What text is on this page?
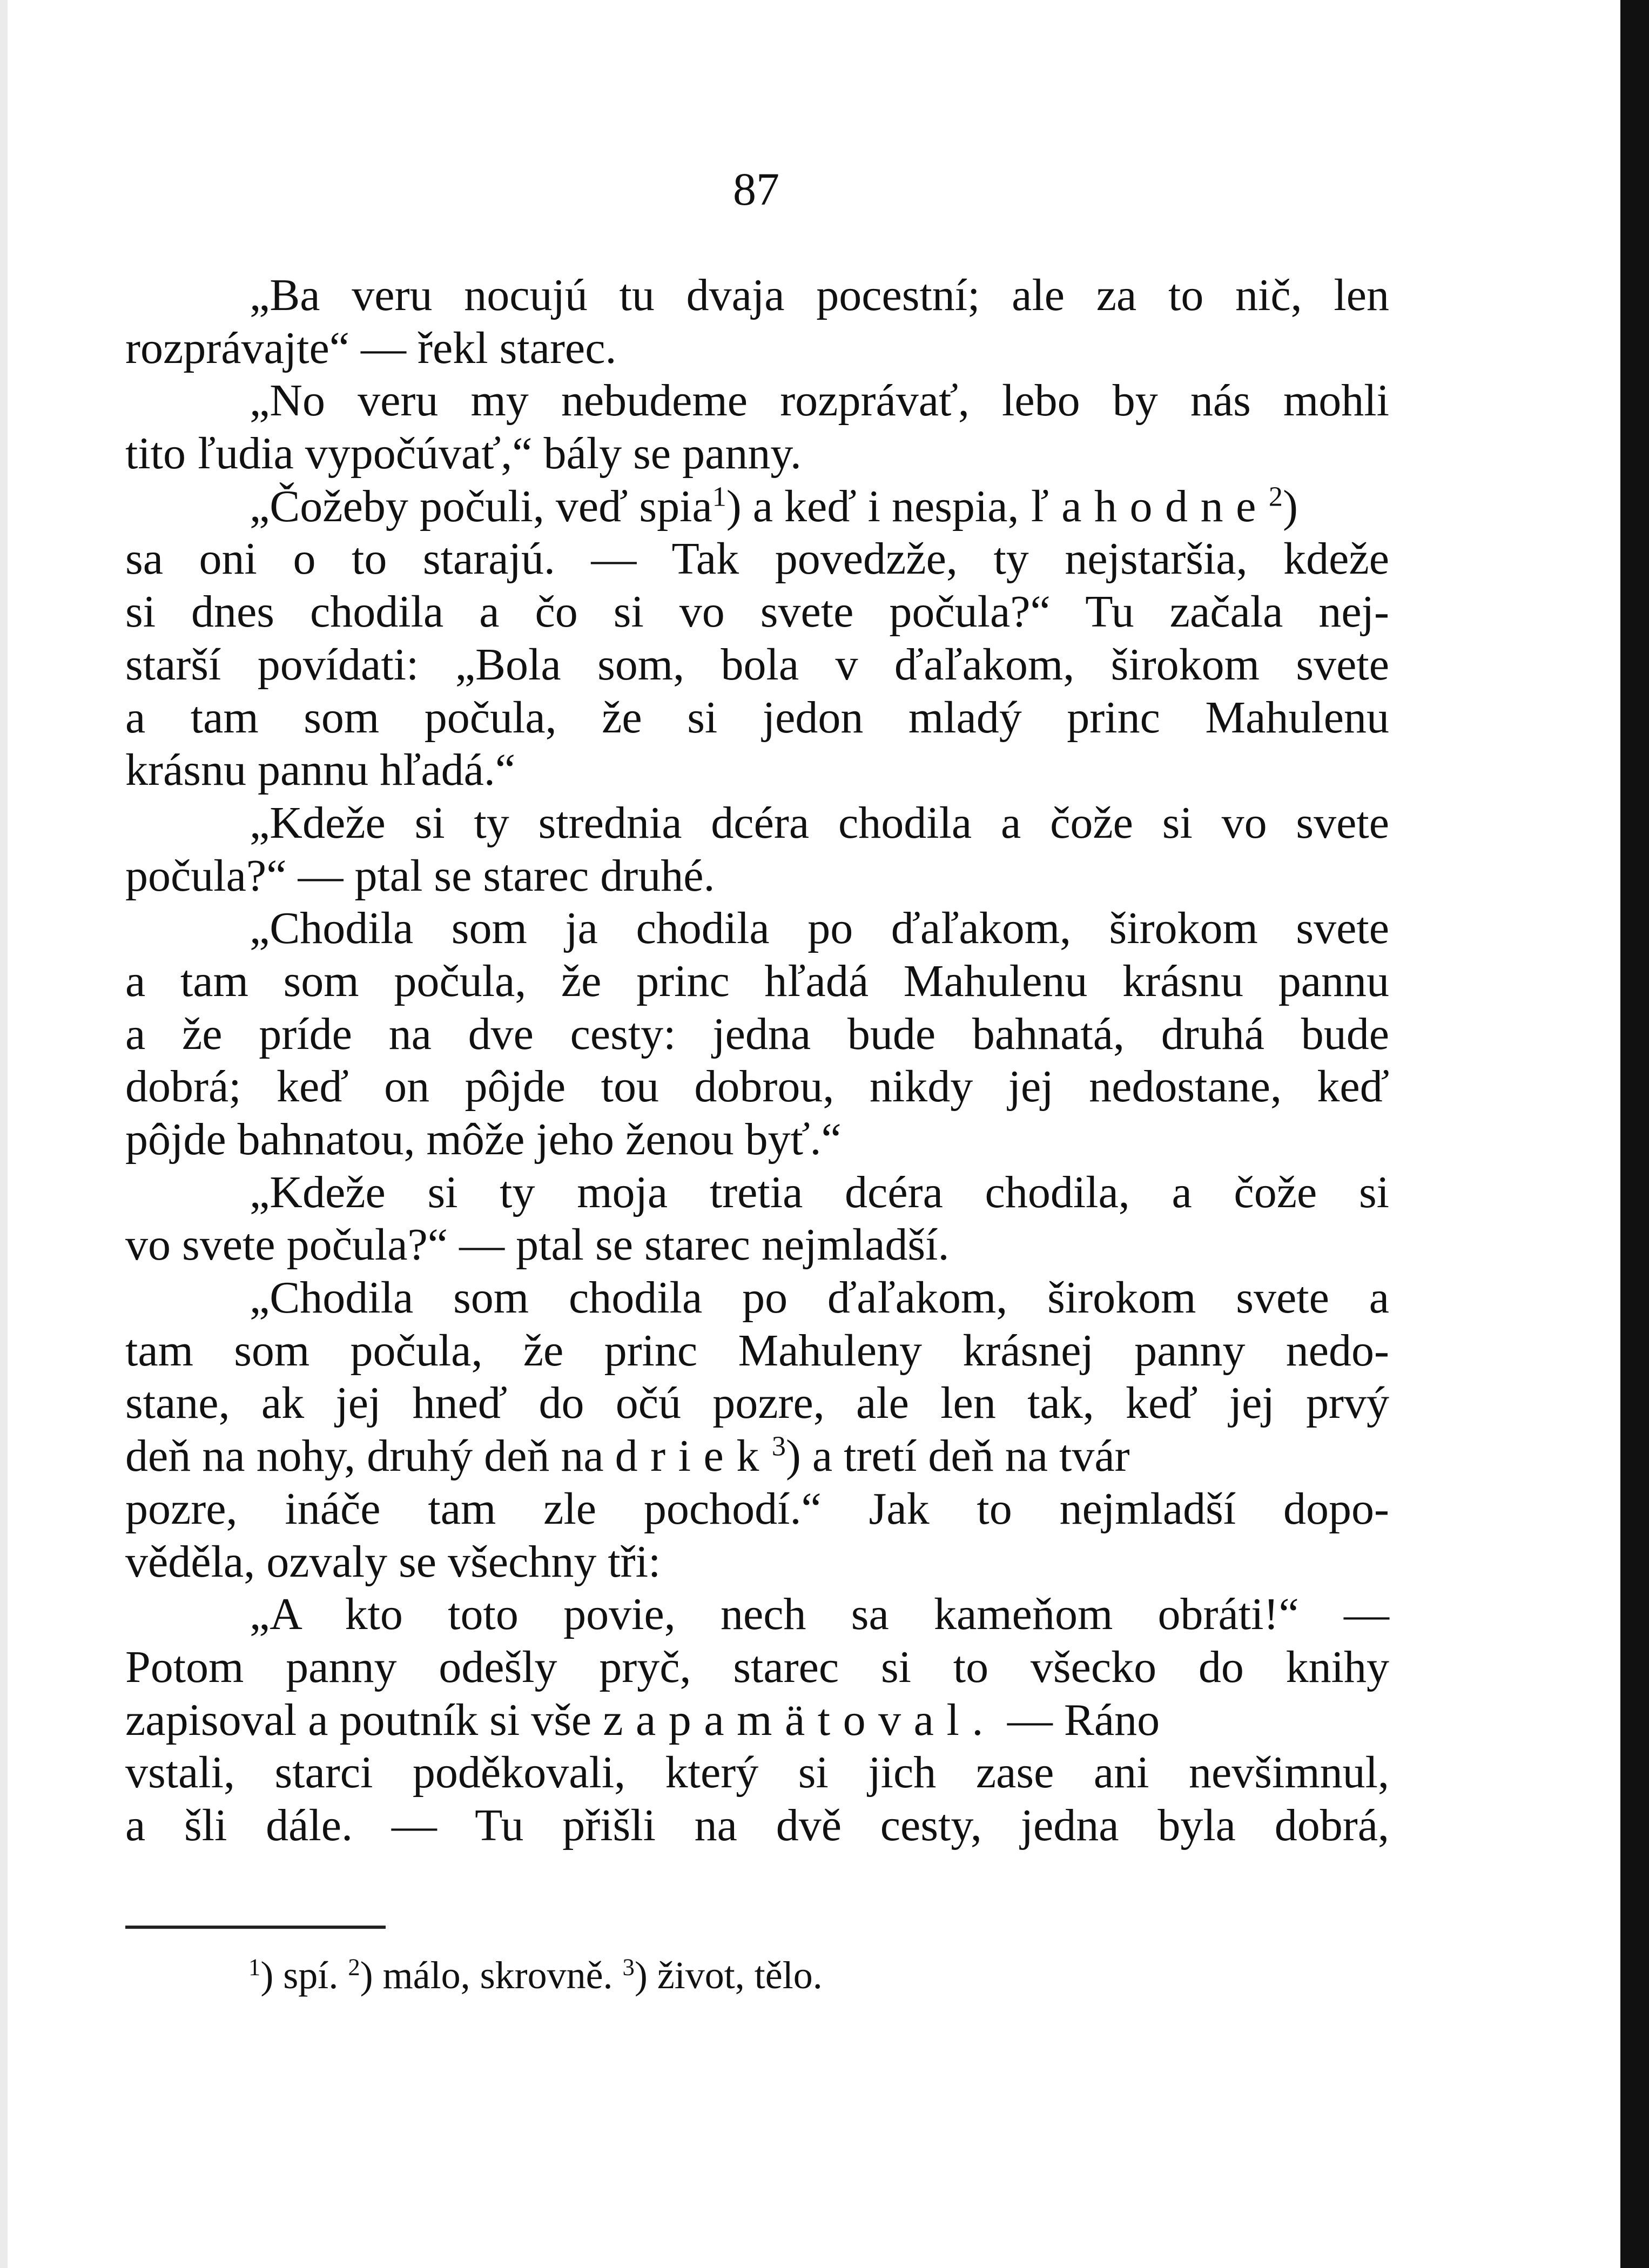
87
„Ba veru nocujú tu dvaja pocestní; ale za to nič, len
rozprávajte“ — řekl starec.
„No veru my nebudeme rozprávať, lebo by nás mohli
tito ľudia vypočúvať,“ bály se panny.
„Čožeby počuli, veď spia$^1$) a keď i nespia, ľahodne$^2$)
sa oni o to starajú. — Tak povedzže, ty nejstaršia, kdeže
si dnes chodila a čo si vo svete počula?“ Tu začala nej-
starší povídati: „Bola som, bola v ďaľakom, širokom svete
a tam som počula, že si jedon mladý princ Mahulenu
krásnu pannu hľadá.“
„Kdeže si ty strednia dcéra chodila a čože si vo svete
počula?“ — ptal se starec druhé.
„Chodila som ja chodila po ďaľakom, širokom svete
a tam som počula, že princ hľadá Mahulenu krásnu pannu
a že príde na dve cesty: jedna bude bahnatá, druhá bude
dobrá; keď on pôjde tou dobrou, nikdy jej nedostane, keď
pôjde bahnatou, môže jeho ženou byť.“
„Kdeže si ty moja tretia dcéra chodila, a čože si
vo svete počula?“ — ptal se starec nejmladší.
„Chodila som chodila po ďaľakom, širokom svete a
tam som počula, že princ Mahuleny krásnej panny nedo-
stane, ak jej hneď do očú pozre, ale len tak, keď jej prvý
deň na nohy, druhý deň na driek$^3$) a tretí deň na tvár
pozre, ináče tam zle pochodí.“ Jak to nejmladší dopo-
věděla, ozvaly se všechny tři:
„A kto toto povie, nech sa kameňom obráti!“ —
Potom panny odešly pryč, starec si to všecko do knihy
zapisoval a poutník si vše zapamätoval. — Ráno
vstali, starci poděkovali, který si jich zase ani nevšimnul,
a šli dále. — Tu přišli na dvě cesty, jedna byla dobrá,
$^1$) spí. $^2$) málo, skrovně. $^3$) život, tělo.
